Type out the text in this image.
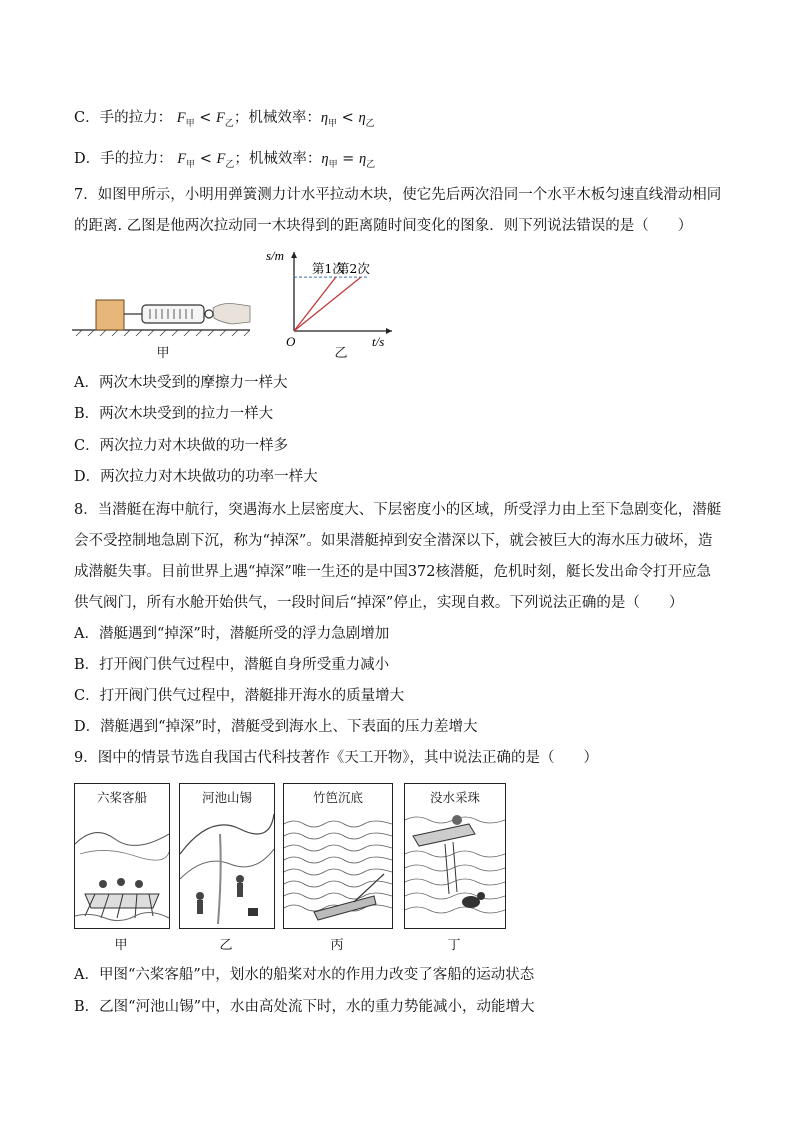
C．手的拉力： $F_甲 < F_乙$；机械效率：$\eta_甲 < \eta_乙$
D．手的拉力： $F_甲 < F_乙$；机械效率：$\eta_甲 = \eta_乙$
7．如图甲所示，小明用弹簧测力计水平拉动木块，使它先后两次沿同一个水平木板匀速直线滑动相同的距离. 乙图是他两次拉动同一木块得到的距离随时间变化的图象．则下列说法错误的是（　　）
甲
第1次
第2次
s/m
t/s
O
乙
A．两次木块受到的摩擦力一样大
B．两次木块受到的拉力一样大
C．两次拉力对木块做的功一样多
D．两次拉力对木块做功的功率一样大
8．当潜艇在海中航行，突遇海水上层密度大、下层密度小的区域，所受浮力由上至下急剧变化，潜艇会不受控制地急剧下沉，称为“掉深”。如果潜艇掉到安全潜深以下，就会被巨大的海水压力破坏，造成潜艇失事。目前世界上遇“掉深”唯一生还的是中国372核潜艇，危机时刻，艇长发出命令打开应急供气阀门，所有水舱开始供气，一段时间后“掉深”停止，实现自救。下列说法正确的是（　　）
A．潜艇遇到“掉深”时，潜艇所受的浮力急剧增加
B．打开阀门供气过程中，潜艇自身所受重力减小
C．打开阀门供气过程中，潜艇排开海水的质量增大
D．潜艇遇到“掉深”时，潜艇受到海水上、下表面的压力差增大
9．图中的情景节选自我国古代科技著作《天工开物》，其中说法正确的是（　　）
六桨客船
甲
河池山锡
乙
竹笆沉底
丙
没水采珠
丁
A．甲图“六桨客船”中，划水的船桨对水的作用力改变了客船的运动状态
B．乙图“河池山锡”中，水由高处流下时，水的重力势能减小，动能增大
